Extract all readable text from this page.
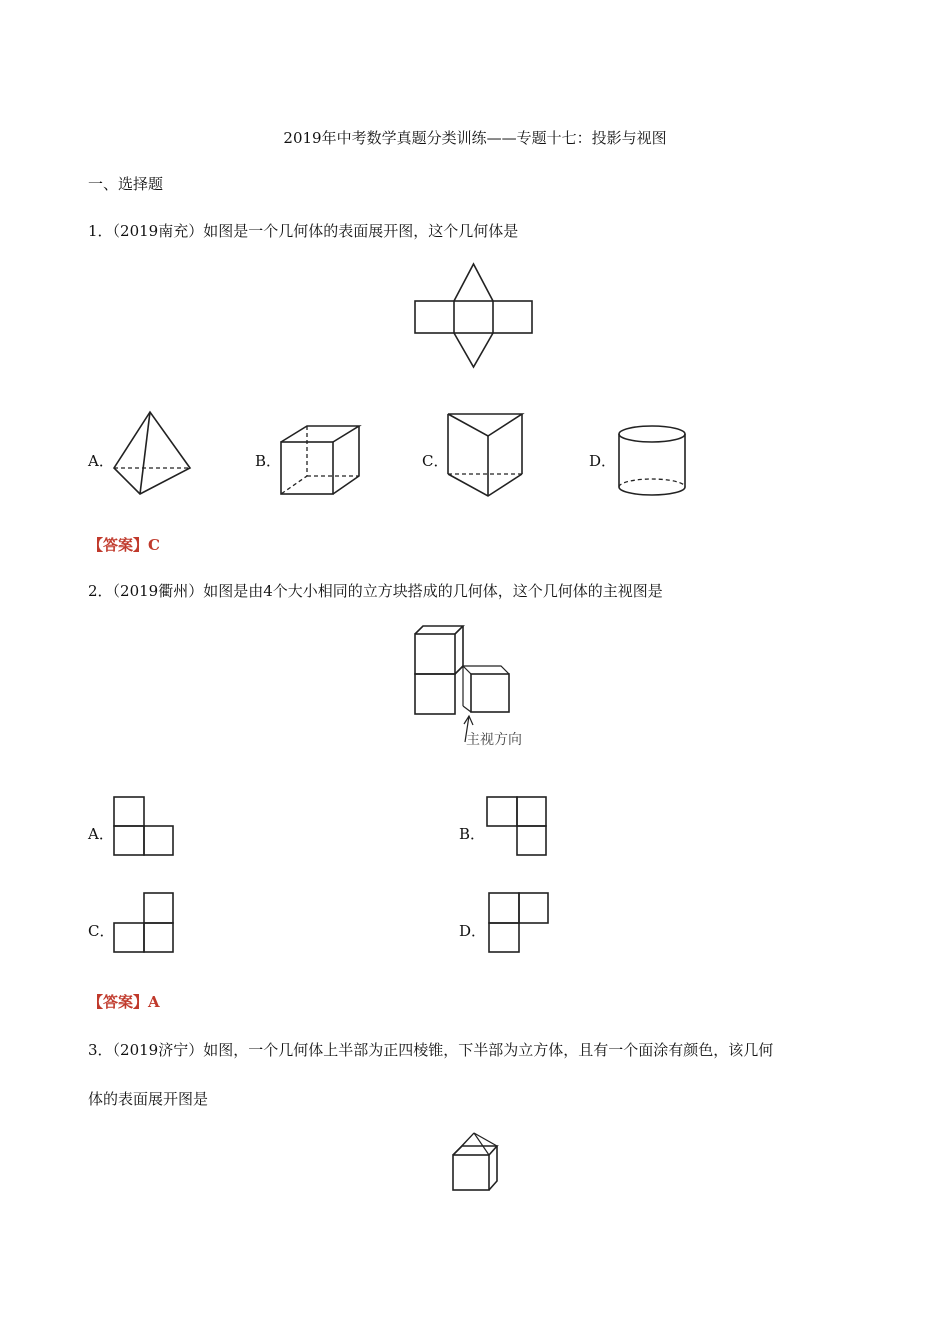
2019年中考数学真题分类训练——专题十七：投影与视图
一、选择题
1．（2019南充）如图是一个几何体的表面展开图，这个几何体是
A．	B．	C．	D．
【答案】C
2．（2019衢州）如图是由4个大小相同的立方块搭成的几何体，这个几何体的主视图是
主视方向
A．	B．
C．	D．
【答案】A
3．（2019济宁）如图，一个几何体上半部为正四棱锥，下半部为立方体，且有一个面涂有颜色，该几何
体的表面展开图是
